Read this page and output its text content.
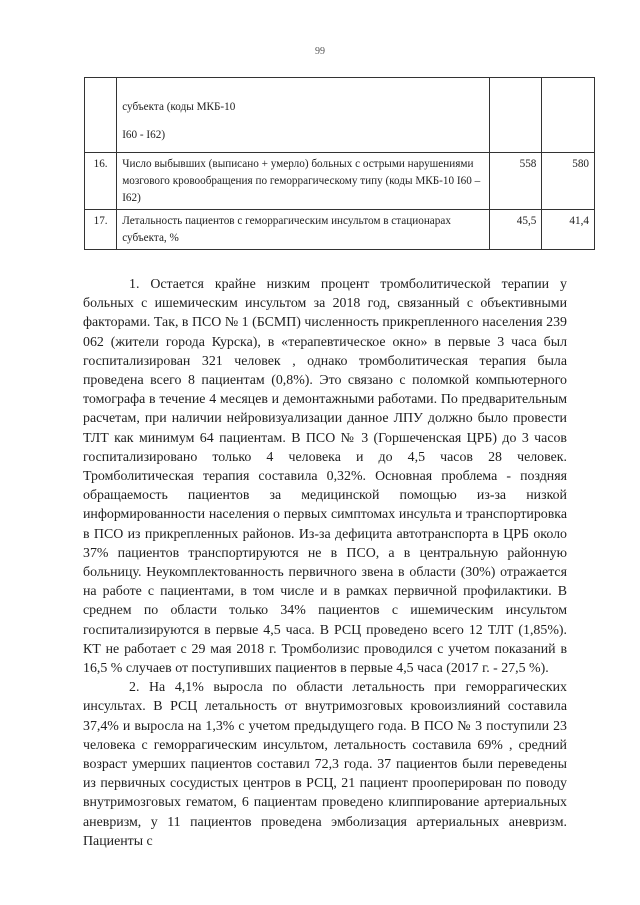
99

	субъекта (коды МКБ-10
I60 - I62)		

16.	Число выбывших (выписано + умерло) больных с острыми нарушениями мозгового кровообращения по геморрагическому типу (коды МКБ-10 I60 –I62)	558	580
17.	Летальность пациентов с геморрагическим инсультом в стационарах субъекта, %	45,5	41,4

1. Остается крайне низким процент тромболитической терапии у больных с ишемическим инсультом за 2018 год, связанный с объективными факторами. Так, в ПСО № 1 (БСМП) численность прикрепленного населения 239 062 (жители города Курска), в «терапевтическое окно» в первые 3 часа был госпитализирован 321 человек , однако тромболитическая терапия была проведена всего 8 пациентам (0,8%). Это связано с поломкой компьютерного томографа в течение 4 месяцев и демонтажными работами. По предварительным расчетам, при наличии нейровизуализации данное ЛПУ должно было провести ТЛТ как минимум 64 пациентам. В ПСО № 3 (Горшеченская ЦРБ) до 3 часов госпитализировано только 4 человека и до 4,5 часов 28 человек. Тромболитическая терапия составила 0,32%. Основная проблема - поздняя обращаемость пациентов за медицинской помощью из-за низкой информированности населения о первых симптомах инсульта и транспортировка в ПСО из прикрепленных районов. Из-за дефицита автотранспорта в ЦРБ около 37% пациентов транспортируются не в ПСО, а в центральную районную больницу. Неукомплектованность первичного звена в области (30%) отражается на работе с пациентами, в том числе и в рамках первичной профилактики. В среднем по области только 34% пациентов с ишемическим инсультом госпитализируются в первые 4,5 часа. В РСЦ проведено всего 12 ТЛТ (1,85%). КТ не работает с 29 мая 2018 г. Тромболизис проводился с учетом показаний в 16,5 % случаев от поступивших пациентов в первые 4,5 часа (2017 г. - 27,5 %).

2. На 4,1% выросла по области летальность при геморрагических инсультах. В РСЦ летальность от внутримозговых кровоизлияний составила 37,4% и выросла на 1,3% с учетом предыдущего года. В ПСО № 3 поступили 23 человека с геморрагическим инсультом, летальность составила 69% , средний возраст умерших пациентов составил 72,3 года. 37 пациентов были переведены из первичных сосудистых центров в РСЦ, 21 пациент прооперирован по поводу внутримозговых гематом, 6 пациентам проведено клиппирование артериальных аневризм, у 11 пациентов проведена эмболизация артериальных аневризм. Пациенты с
